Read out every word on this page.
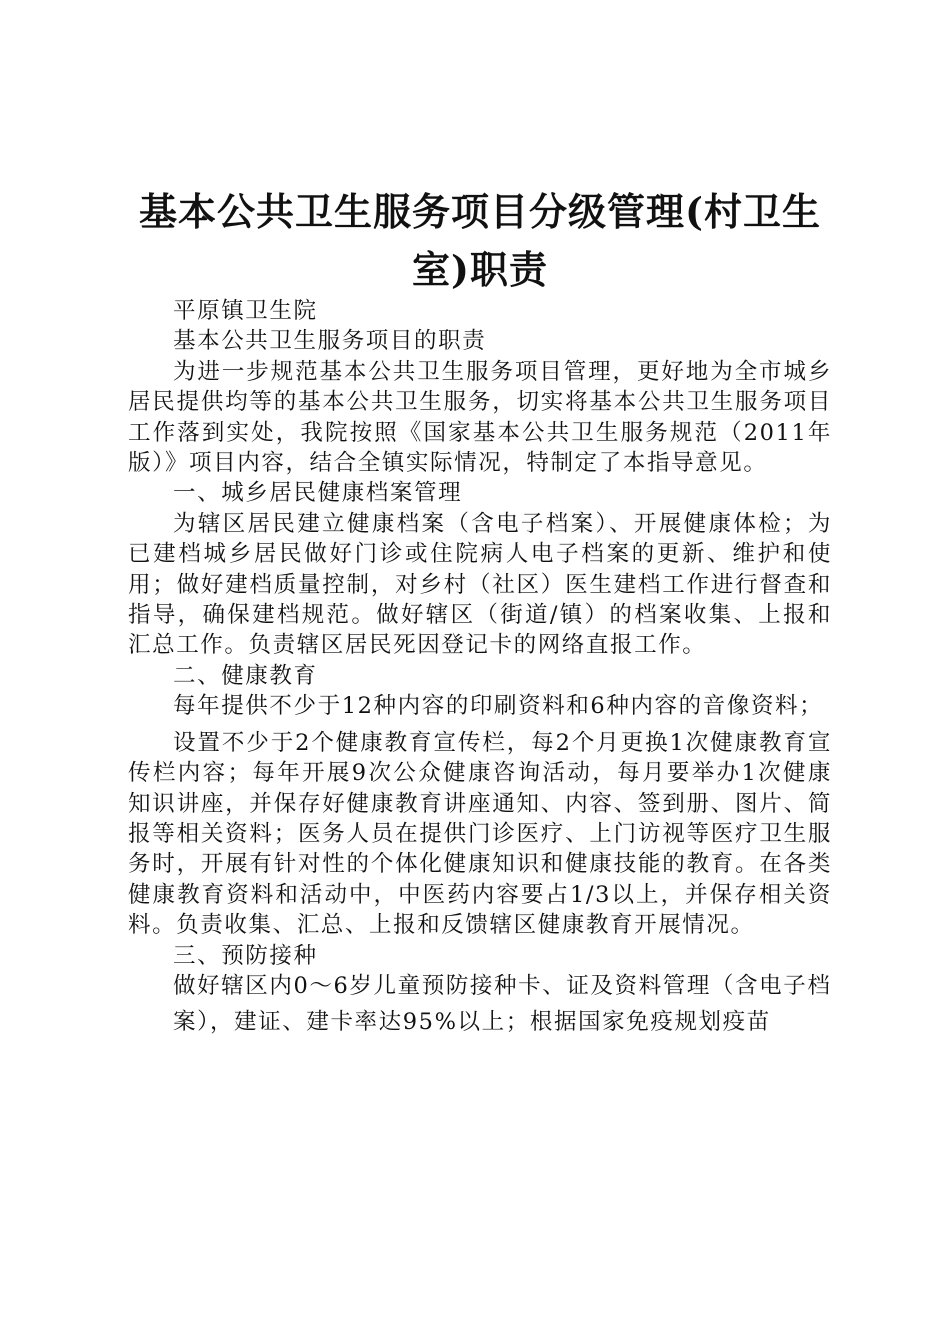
基本公共卫生服务项目分级管理(村卫生室)职责

平原镇卫生院

基本公共卫生服务项目的职责

为进一步规范基本公共卫生服务项目管理，更好地为全市城乡居民提供均等的基本公共卫生服务，切实将基本公共卫生服务项目工作落到实处，我院按照《国家基本公共卫生服务规范（2011年版）》项目内容，结合全镇实际情况，特制定了本指导意见。

一、城乡居民健康档案管理

为辖区居民建立健康档案（含电子档案）、开展健康体检；为已建档城乡居民做好门诊或住院病人电子档案的更新、维护和使用；做好建档质量控制，对乡村（社区）医生建档工作进行督查和指导，确保建档规范。做好辖区（街道/镇）的档案收集、上报和汇总工作。负责辖区居民死因登记卡的网络直报工作。

二、健康教育

每年提供不少于12种内容的印刷资料和6种内容的音像资料；

设置不少于2个健康教育宣传栏，每2个月更换1次健康教育宣传栏内容；每年开展9次公众健康咨询活动，每月要举办1次健康知识讲座，并保存好健康教育讲座通知、内容、签到册、图片、简报等相关资料；医务人员在提供门诊医疗、上门访视等医疗卫生服务时，开展有针对性的个体化健康知识和健康技能的教育。在各类健康教育资料和活动中，中医药内容要占1/3以上，并保存相关资料。负责收集、汇总、上报和反馈辖区健康教育开展情况。

三、预防接种

做好辖区内0～6岁儿童预防接种卡、证及资料管理（含电子档

案），建证、建卡率达95%以上；根据国家免疫规划疫苗
